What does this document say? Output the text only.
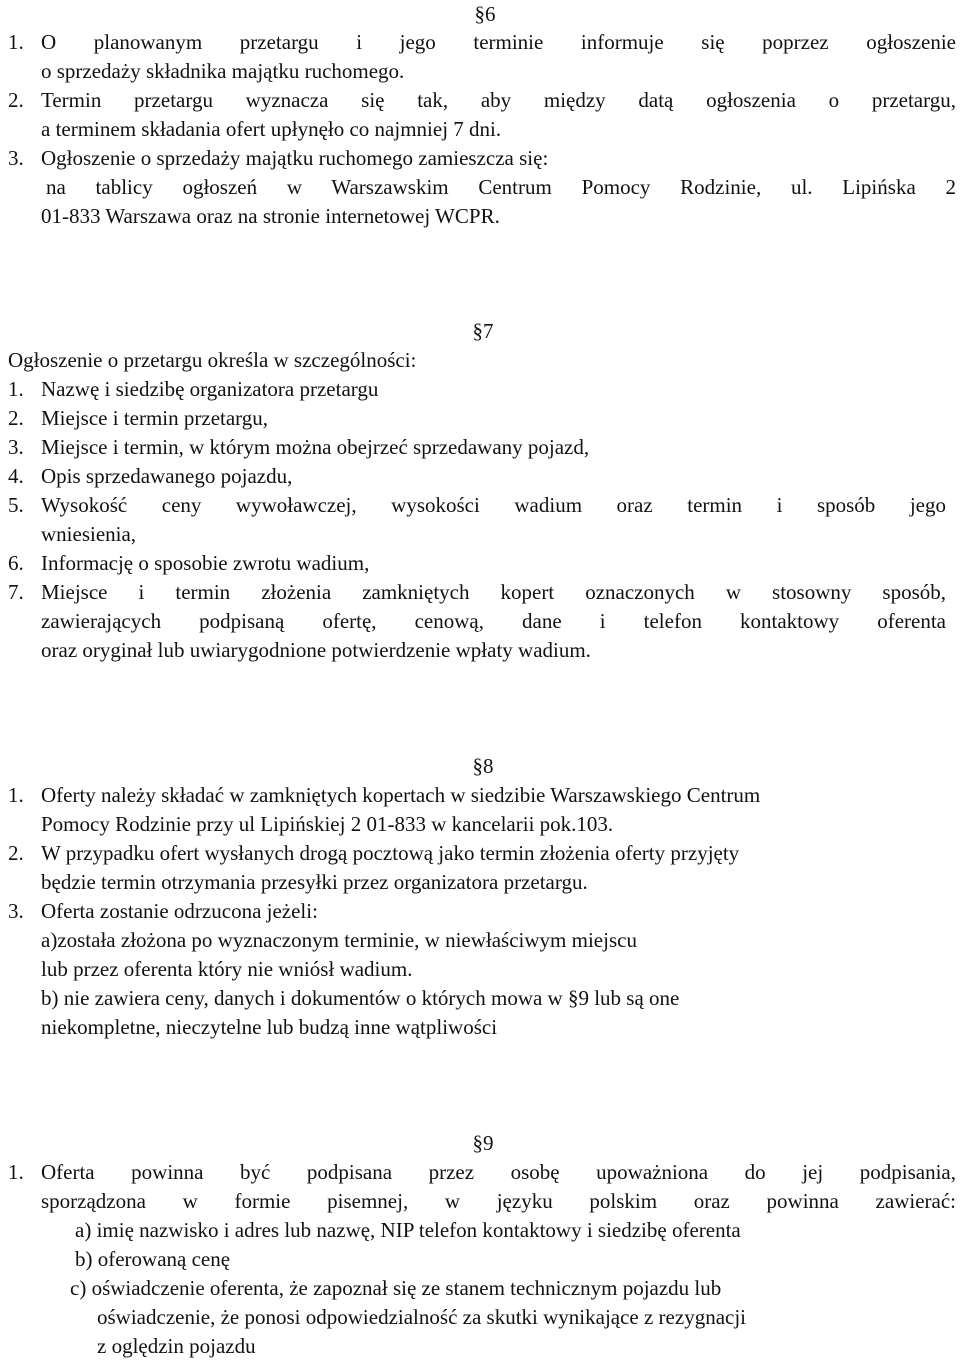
§6
1. O planowanym przetargu i jego terminie informuje się poprzez ogłoszenie
o sprzedaży składnika majątku ruchomego.
2. Termin przetargu wyznacza się tak, aby między datą ogłoszenia o przetargu,
a terminem składania ofert upłynęło co najmniej 7 dni.
3. Ogłoszenie o sprzedaży majątku ruchomego zamieszcza się:
na tablicy ogłoszeń w Warszawskim Centrum Pomocy Rodzinie, ul. Lipińska 2
01-833 Warszawa oraz na stronie internetowej WCPR.
§7
Ogłoszenie o przetargu określa w szczególności:
1. Nazwę i siedzibę organizatora przetargu
2. Miejsce i termin przetargu,
3. Miejsce i termin, w którym można obejrzeć sprzedawany pojazd,
4. Opis sprzedawanego pojazdu,
5. Wysokość ceny wywoławczej, wysokości wadium oraz termin i sposób jego
wniesienia,
6. Informację o sposobie zwrotu wadium,
7. Miejsce i termin złożenia zamkniętych kopert oznaczonych w stosowny sposób,
zawierających podpisaną ofertę, cenową, dane i telefon kontaktowy oferenta
oraz oryginał lub uwiarygodnione potwierdzenie wpłaty wadium.
§8
1. Oferty należy składać w zamkniętych kopertach w siedzibie Warszawskiego Centrum
Pomocy Rodzinie przy ul Lipińskiej 2 01-833 w kancelarii pok.103.
2. W przypadku ofert wysłanych drogą pocztową jako termin złożenia oferty przyjęty
będzie termin otrzymania przesyłki przez organizatora przetargu.
3. Oferta zostanie odrzucona jeżeli:
a)została złożona po wyznaczonym terminie, w niewłaściwym miejscu
lub przez oferenta który nie wniósł wadium.
b) nie zawiera ceny, danych i dokumentów o których mowa w §9 lub są one
niekompletne, nieczytelne lub budzą inne wątpliwości
§9
1. Oferta powinna być podpisana przez osobę upoważniona do jej podpisania,
sporządzona w formie pisemnej, w języku polskim oraz powinna zawierać:
a) imię nazwisko i adres lub nazwę, NIP telefon kontaktowy i siedzibę oferenta
b) oferowaną cenę
c) oświadczenie oferenta, że zapoznał się ze stanem technicznym pojazdu lub
oświadczenie, że ponosi odpowiedzialność za skutki wynikające z rezygnacji
z oględzin pojazdu
